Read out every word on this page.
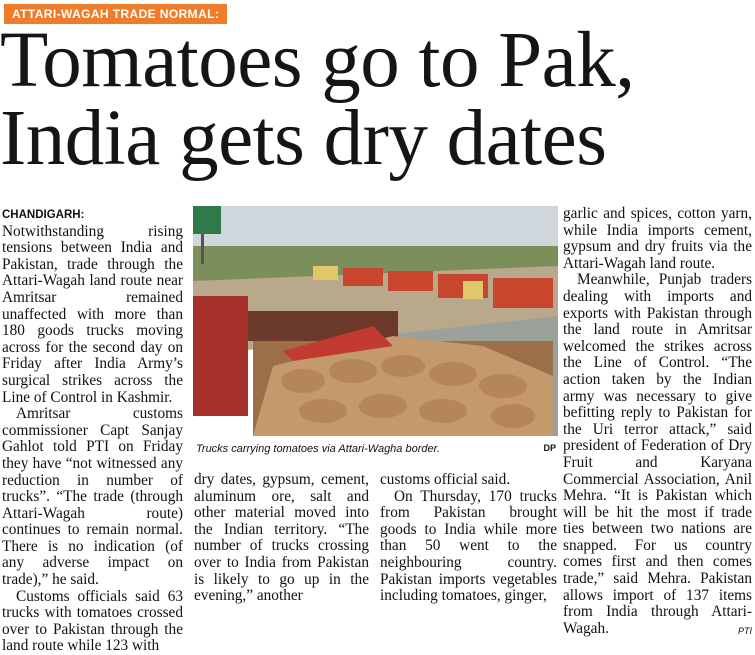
ATTARI-WAGAH TRADE NORMAL:
Tomatoes go to Pak,
India gets dry dates

CHANDIGARH: Notwithstanding rising tensions between India and Pakistan, trade through the Attari-Wagah land route near Amritsar remained unaffected with more than 180 goods trucks moving across for the second day on Friday after India Army’s surgical strikes across the Line of Control in Kashmir.

Amritsar customs commissioner Capt Sanjay Gahlot told PTI on Friday they have “not witnessed any reduction in number of trucks”. “The trade (through Attari-Wagah route) continues to remain normal. There is no indication (of any adverse impact on trade),” he said.

Customs officials said 63 trucks with tomatoes crossed over to Pakistan through the land route while 123 with

Trucks carrying tomatoes via Attari-Wagha border.	DP

dry dates, gypsum, cement, aluminum ore, salt and other material moved into the Indian territory. “The number of trucks crossing over to India from Pakistan is likely to go up in the evening,” another

customs official said.

On Thursday, 170 trucks from Pakistan brought goods to India while more than 50 went to the neighbouring country. Pakistan imports vegetables including tomatoes, ginger,

garlic and spices, cotton yarn, while India imports cement, gypsum and dry fruits via the Attari-Wagah land route.

Meanwhile, Punjab traders dealing with imports and exports with Pakistan through the land route in Amritsar welcomed the strikes across the Line of Control. “The action taken by the Indian army was necessary to give befitting reply to Pakistan for the Uri terror attack,” said president of Federation of Dry Fruit and Karyana Commercial Association, Anil Mehra. “It is Pakistan which will be hit the most if trade ties between two nations are snapped. For us country comes first and then comes trade,” said Mehra. Pakistan allows import of 137 items from India through Attari-Wagah.	PTI
